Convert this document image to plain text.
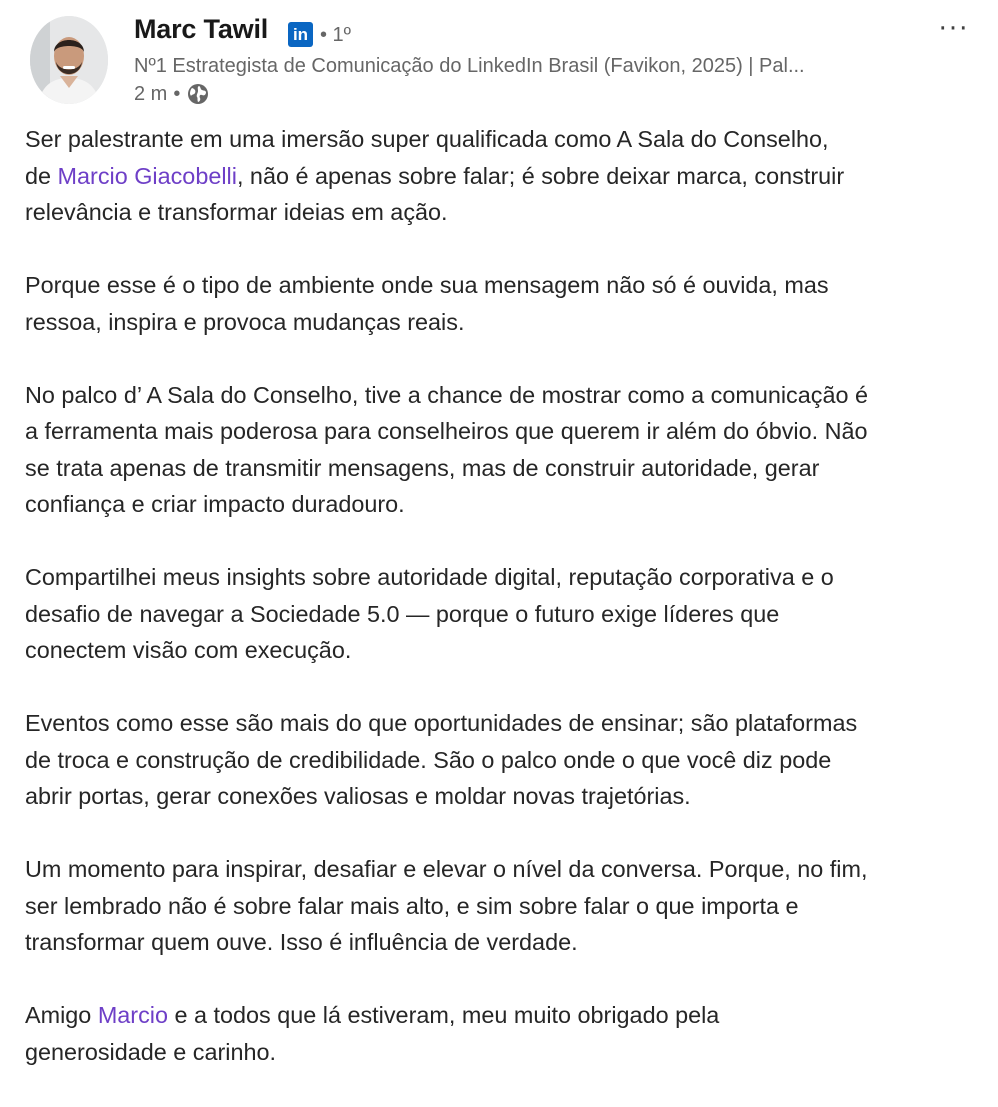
Marc Tawil in • 1º
Nº1 Estrategista de Comunicação do LinkedIn Brasil (Favikon, 2025) | Pal...
2 m •
···

Ser palestrante em uma imersão super qualificada como A Sala do Conselho,
de Marcio Giacobelli, não é apenas sobre falar; é sobre deixar marca, construir
relevância e transformar ideias em ação.

Porque esse é o tipo de ambiente onde sua mensagem não só é ouvida, mas
ressoa, inspira e provoca mudanças reais.

No palco d’ A Sala do Conselho, tive a chance de mostrar como a comunicação é
a ferramenta mais poderosa para conselheiros que querem ir além do óbvio. Não
se trata apenas de transmitir mensagens, mas de construir autoridade, gerar
confiança e criar impacto duradouro.

Compartilhei meus insights sobre autoridade digital, reputação corporativa e o
desafio de navegar a Sociedade 5.0 — porque o futuro exige líderes que
conectem visão com execução.

Eventos como esse são mais do que oportunidades de ensinar; são plataformas
de troca e construção de credibilidade. São o palco onde o que você diz pode
abrir portas, gerar conexões valiosas e moldar novas trajetórias.

Um momento para inspirar, desafiar e elevar o nível da conversa. Porque, no fim,
ser lembrado não é sobre falar mais alto, e sim sobre falar o que importa e
transformar quem ouve. Isso é influência de verdade.

Amigo Marcio e a todos que lá estiveram, meu muito obrigado pela
generosidade e carinho.
